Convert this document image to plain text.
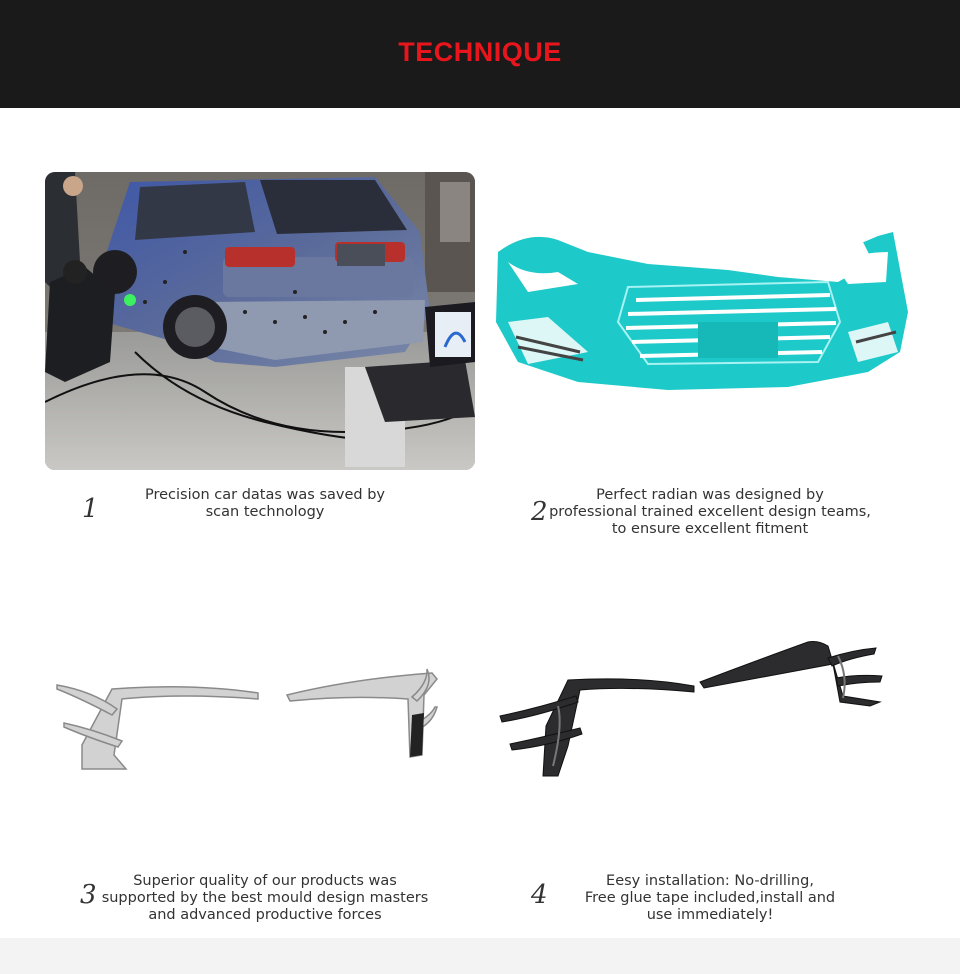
TECHNIQUE
1	Precision car datas was saved by
scan technology	2
Perfect radian was designed by
professional trained excellent design teams,
to ensure excellent fitment
3	Superior quality of our products was
supported by the best mould design masters
and advanced productive forces
4	Eesy installation: No-drilling,
Free glue tape included,install and
use immediately!
